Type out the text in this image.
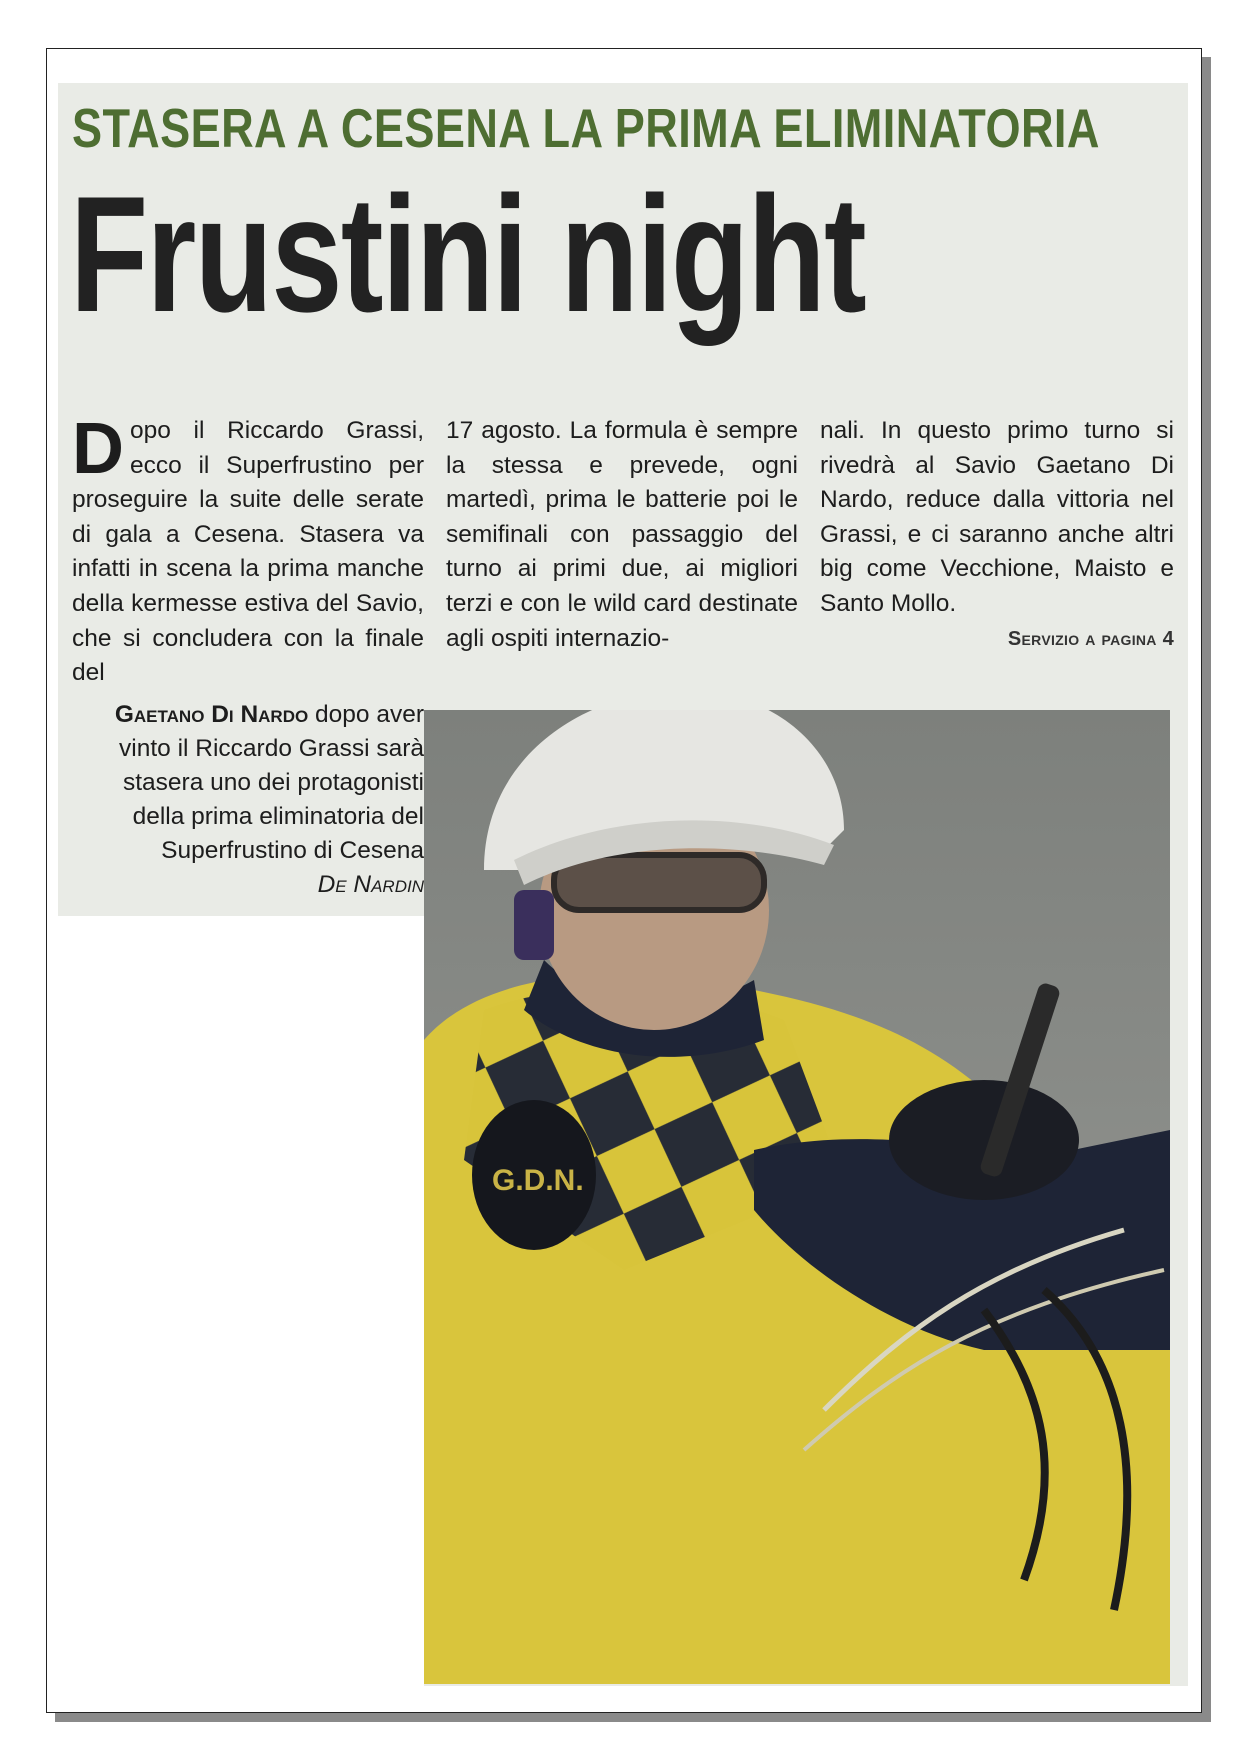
STASERA A CESENA LA PRIMA ELIMINATORIA
Frustini night
D opo il Riccardo Grassi, ecco il Superfrustino per proseguire la suite delle serate di gala a Cesena. Stasera va infatti in scena la prima manche della kermesse estiva del Savio, che si concludera con la finale del
17 agosto. La formula è sempre la stessa e prevede, ogni martedì, prima le batterie poi le semifinali con passaggio del turno ai primi due, ai migliori terzi e con le wild card destinate agli ospiti internazio-
nali. In questo primo turno si rivedrà al Savio Gaetano Di Nardo, reduce dalla vittoria nel Grassi, e ci saranno anche altri big come Vecchione, Maisto e Santo Mollo.
Servizio a pagina 4
Gaetano Di Nardo dopo aver vinto il Riccardo Grassi sarà stasera uno dei protagonisti della prima eliminatoria del Superfrustino di Cesena
De Nardin
G.D.N.
